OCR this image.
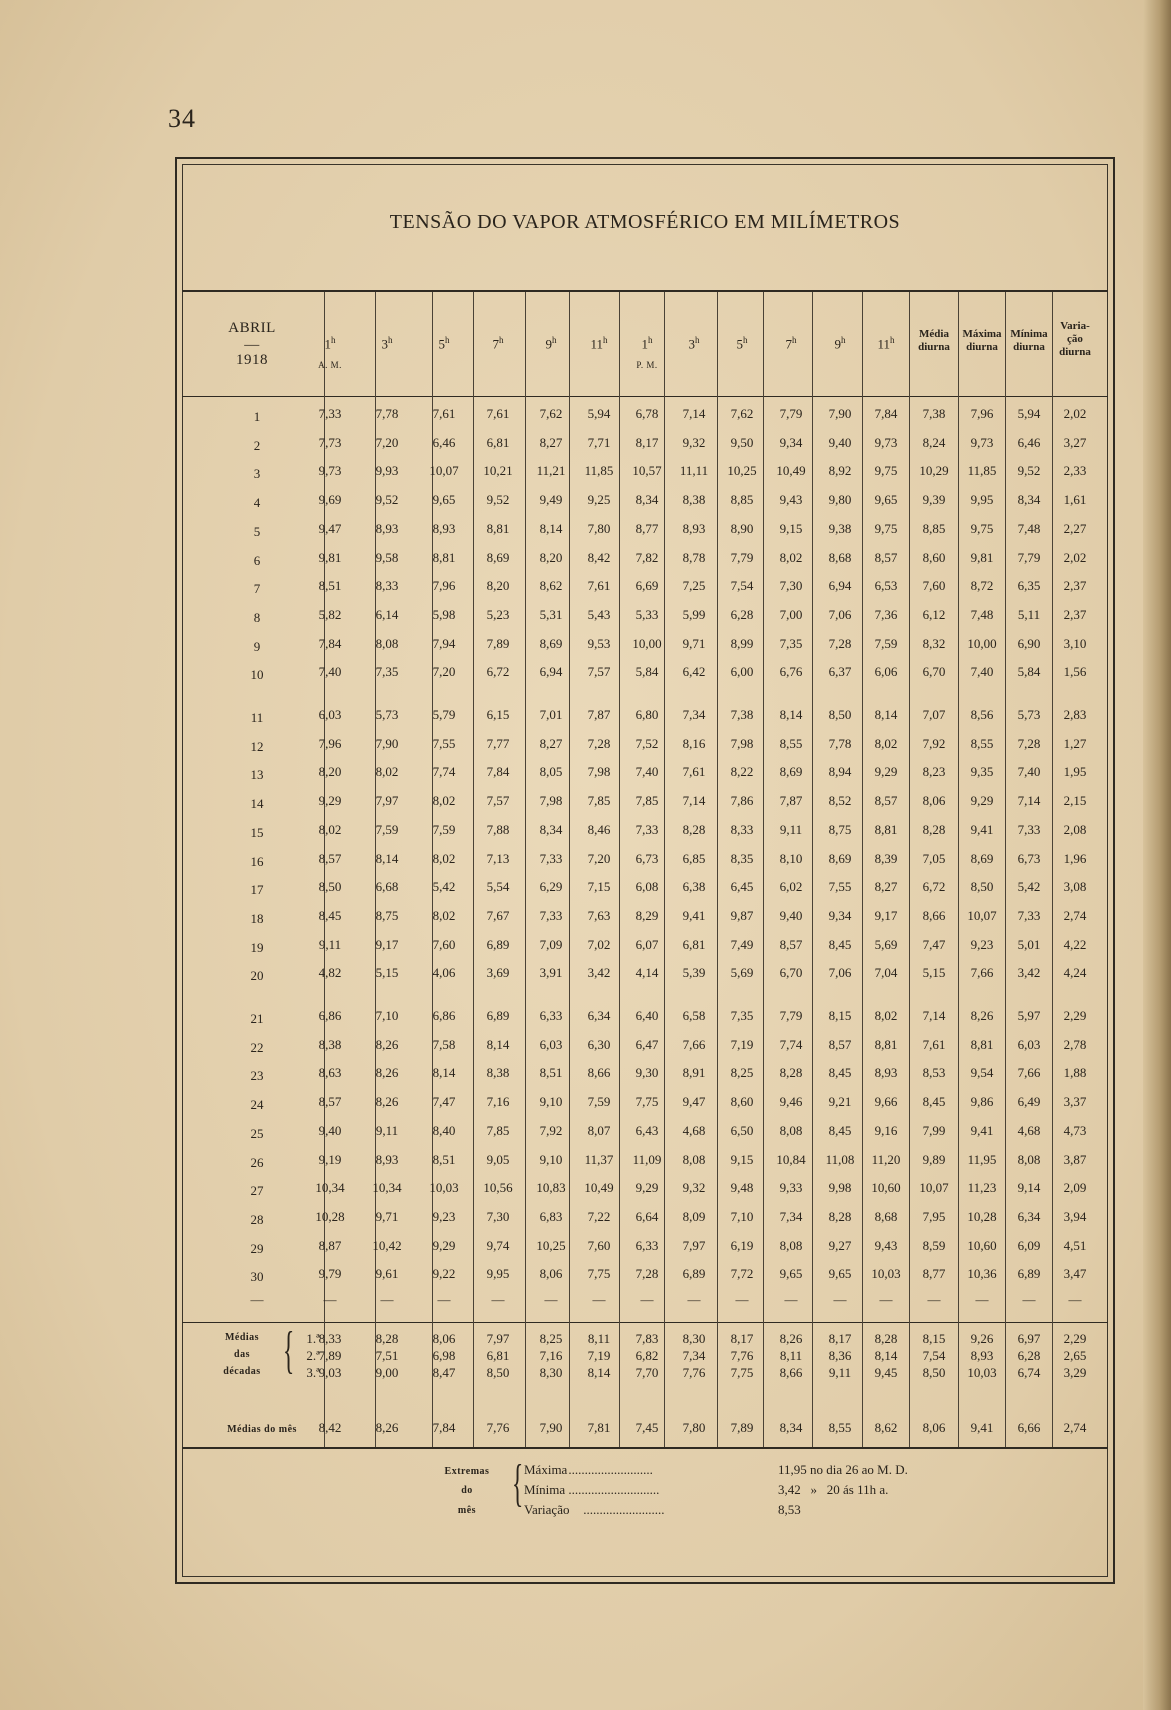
34
TENSÃO DO VAPOR ATMOSFÉRICO EM MILÍMETROS
ABRIL
—
1918
1$^h$	3$^h$	5$^h$	7$^h$	9$^h$	11$^h$	1$^h$	3$^h$	5$^h$	7$^h$	9$^h$	11$^h$
A. M.	P. M.
Média
diurna
Máxima
diurna
Mínima
diurna
Varia-
ção
diurna
1	7,33	7,78	7,61	7,61	7,62	5,94	6,78	7,14	7,62	7,79	7,90	7,84	7,38	7,96	5,94	2,02
2	7,73	7,20	6,46	6,81	8,27	7,71	8,17	9,32	9,50	9,34	9,40	9,73	8,24	9,73	6,46	3,27
3	9,73	9,93	10,07	10,21	11,21	11,85	10,57	11,11	10,25	10,49	8,92	9,75	10,29	11,85	9,52	2,33
4	9,69	9,52	9,65	9,52	9,49	9,25	8,34	8,38	8,85	9,43	9,80	9,65	9,39	9,95	8,34	1,61
5	9,47	8,93	8,93	8,81	8,14	7,80	8,77	8,93	8,90	9,15	9,38	9,75	8,85	9,75	7,48	2,27
6	9,81	9,58	8,81	8,69	8,20	8,42	7,82	8,78	7,79	8,02	8,68	8,57	8,60	9,81	7,79	2,02
7	8,51	8,33	7,96	8,20	8,62	7,61	6,69	7,25	7,54	7,30	6,94	6,53	7,60	8,72	6,35	2,37
8	5,82	6,14	5,98	5,23	5,31	5,43	5,33	5,99	6,28	7,00	7,06	7,36	6,12	7,48	5,11	2,37
9	7,84	8,08	7,94	7,89	8,69	9,53	10,00	9,71	8,99	7,35	7,28	7,59	8,32	10,00	6,90	3,10
10	7,40	7,35	7,20	6,72	6,94	7,57	5,84	6,42	6,00	6,76	6,37	6,06	6,70	7,40	5,84	1,56
11	6,03	5,73	5,79	6,15	7,01	7,87	6,80	7,34	7,38	8,14	8,50	8,14	7,07	8,56	5,73	2,83
12	7,96	7,90	7,55	7,77	8,27	7,28	7,52	8,16	7,98	8,55	7,78	8,02	7,92	8,55	7,28	1,27
13	8,20	8,02	7,74	7,84	8,05	7,98	7,40	7,61	8,22	8,69	8,94	9,29	8,23	9,35	7,40	1,95
14	9,29	7,97	8,02	7,57	7,98	7,85	7,85	7,14	7,86	7,87	8,52	8,57	8,06	9,29	7,14	2,15
15	8,02	7,59	7,59	7,88	8,34	8,46	7,33	8,28	8,33	9,11	8,75	8,81	8,28	9,41	7,33	2,08
16	8,57	8,14	8,02	7,13	7,33	7,20	6,73	6,85	8,35	8,10	8,69	8,39	7,05	8,69	6,73	1,96
17	8,50	6,68	5,42	5,54	6,29	7,15	6,08	6,38	6,45	6,02	7,55	8,27	6,72	8,50	5,42	3,08
18	8,45	8,75	8,02	7,67	7,33	7,63	8,29	9,41	9,87	9,40	9,34	9,17	8,66	10,07	7,33	2,74
19	9,11	9,17	7,60	6,89	7,09	7,02	6,07	6,81	7,49	8,57	8,45	5,69	7,47	9,23	5,01	4,22
20	4,82	5,15	4,06	3,69	3,91	3,42	4,14	5,39	5,69	6,70	7,06	7,04	5,15	7,66	3,42	4,24
21	6,86	7,10	6,86	6,89	6,33	6,34	6,40	6,58	7,35	7,79	8,15	8,02	7,14	8,26	5,97	2,29
22	8,38	8,26	7,58	8,14	6,03	6,30	6,47	7,66	7,19	7,74	8,57	8,81	7,61	8,81	6,03	2,78
23	8,63	8,26	8,14	8,38	8,51	8,66	9,30	8,91	8,25	8,28	8,45	8,93	8,53	9,54	7,66	1,88
24	8,57	8,26	7,47	7,16	9,10	7,59	7,75	9,47	8,60	9,46	9,21	9,66	8,45	9,86	6,49	3,37
25	9,40	9,11	8,40	7,85	7,92	8,07	6,43	4,68	6,50	8,08	8,45	9,16	7,99	9,41	4,68	4,73
26	9,19	8,93	8,51	9,05	9,10	11,37	11,09	8,08	9,15	10,84	11,08	11,20	9,89	11,95	8,08	3,87
27	10,34	10,34	10,03	10,56	10,83	10,49	9,29	9,32	9,48	9,33	9,98	10,60	10,07	11,23	9,14	2,09
28	10,28	9,71	9,23	7,30	6,83	7,22	6,64	8,09	7,10	7,34	8,28	8,68	7,95	10,28	6,34	3,94
29	8,87	10,42	9,29	9,74	10,25	7,60	6,33	7,97	6,19	8,08	9,27	9,43	8,59	10,60	6,09	4,51
30	9,79	9,61	9,22	9,95	8,06	7,75	7,28	6,89	7,72	9,65	9,65	10,03	8,77	10,36	6,89	3,47
—	—	—	—	—	—	—	—	—	—	—	—	—	—	—	—	—
Médias
das
décadas { 1.ª
8,33	8,28	8,06	7,97	8,25	8,11	7,83	8,30	8,17	8,26	8,17	8,28	8,15	9,26	6,97	2,29
2.ª
7,89	7,51	6,98	6,81	7,16	7,19	6,82	7,34	7,76	8,11	8,36	8,14	7,54	8,93	6,28	2,65
3.ª
9,03	9,00	8,47	8,50	8,30	8,14	7,70	7,76	7,75	8,66	9,11	9,45	8,50	10,03	6,74	3,29
Médias do mês	8,42	8,26	7,84	7,76	7,90	7,81	7,45	7,80	7,89	8,34	8,55	8,62	8,06	9,41	6,66	2,74
Extremas
do
mês { Máxima ..........................	11,95 no dia 26 ao M. D.
Mínima ............................	3,42   »   20 ás 11h a.
Variação .........................	8,53
